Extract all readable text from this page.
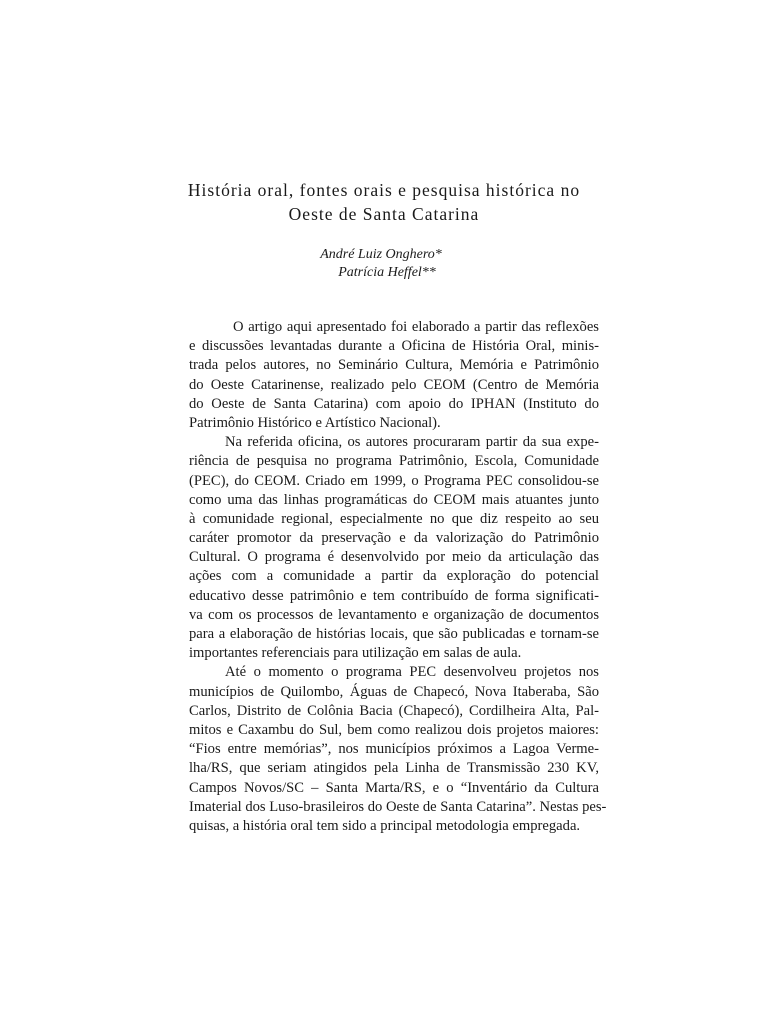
História oral, fontes orais e pesquisa histórica no
Oeste de Santa Catarina
André Luiz Onghero*
Patrícia Heffel**
O artigo aqui apresentado foi elaborado a partir das reflexões
e discussões levantadas durante a Oficina de História Oral, minis-
trada pelos autores, no Seminário Cultura, Memória e Patrimônio
do Oeste Catarinense, realizado pelo CEOM (Centro de Memória
do Oeste de Santa Catarina) com apoio do IPHAN (Instituto do
Patrimônio Histórico e Artístico Nacional).
Na referida oficina, os autores procuraram partir da sua expe-
riência de pesquisa no programa Patrimônio, Escola, Comunidade
(PEC), do CEOM. Criado em 1999, o Programa PEC consolidou-se
como uma das linhas programáticas do CEOM mais atuantes junto
à comunidade regional, especialmente no que diz respeito ao seu
caráter promotor da preservação e da valorização do Patrimônio
Cultural. O programa é desenvolvido por meio da articulação das
ações com a comunidade a partir da exploração do potencial
educativo desse patrimônio e tem contribuído de forma significati-
va com os processos de levantamento e organização de documentos
para a elaboração de histórias locais, que são publicadas e tornam-se
importantes referenciais para utilização em salas de aula.
Até o momento o programa PEC desenvolveu projetos nos
municípios de Quilombo, Águas de Chapecó, Nova Itaberaba, São
Carlos, Distrito de Colônia Bacia (Chapecó), Cordilheira Alta, Pal-
mitos e Caxambu do Sul, bem como realizou dois projetos maiores:
“Fios entre memórias”, nos municípios próximos a Lagoa Verme-
lha/RS, que seriam atingidos pela Linha de Transmissão 230 KV,
Campos Novos/SC – Santa Marta/RS, e o “Inventário da Cultura
Imaterial dos Luso-brasileiros do Oeste de Santa Catarina”. Nestas pes-
quisas, a história oral tem sido a principal metodologia empregada.
